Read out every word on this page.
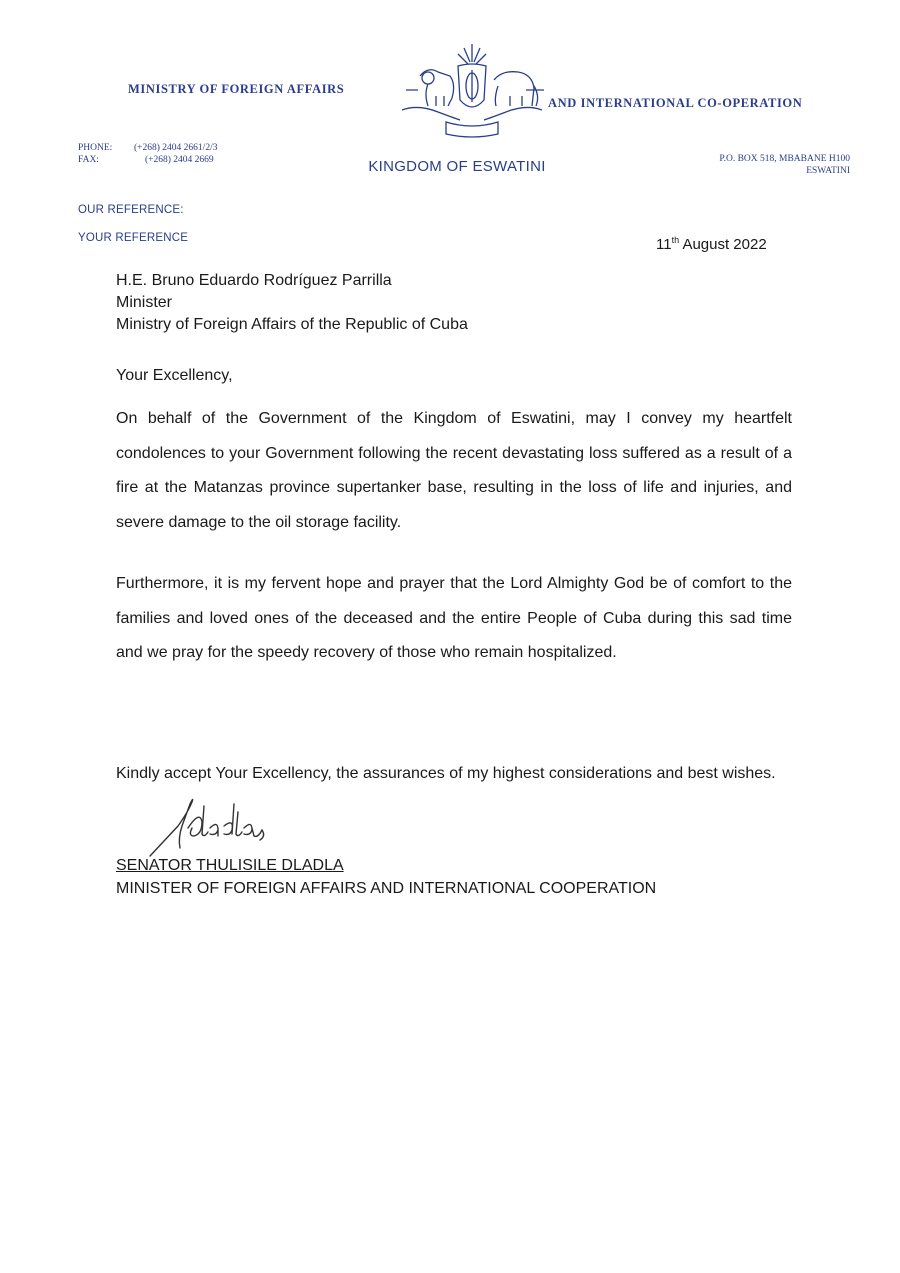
MINISTRY OF FOREIGN AFFAIRS
AND INTERNATIONAL CO-OPERATION
PHONE: (+268) 2404 2661/2/3
FAX:	(+268) 2404 2669	KINGDOM OF ESWATINI	P.O. BOX 518, MBABANE H100
ESWATINI
OUR REFERENCE:
YOUR REFERENCE	11th August 2022
H.E. Bruno Eduardo Rodríguez Parrilla
Minister
Ministry of Foreign Affairs of the Republic of Cuba
Your Excellency,

On behalf of the Government of the Kingdom of Eswatini, may I convey my heartfelt condolences to your Government following the recent devastating loss suffered as a result of a fire at the Matanzas province supertanker base, resulting in the loss of life and injuries, and severe damage to the oil storage facility.

Furthermore, it is my fervent hope and prayer that the Lord Almighty God be of comfort to the families and loved ones of the deceased and the entire People of Cuba during this sad time and we pray for the speedy recovery of those who remain hospitalized.

Kindly accept Your Excellency, the assurances of my highest considerations and best wishes.
SENATOR THULISILE DLADLA
MINISTER OF FOREIGN AFFAIRS AND INTERNATIONAL COOPERATION
